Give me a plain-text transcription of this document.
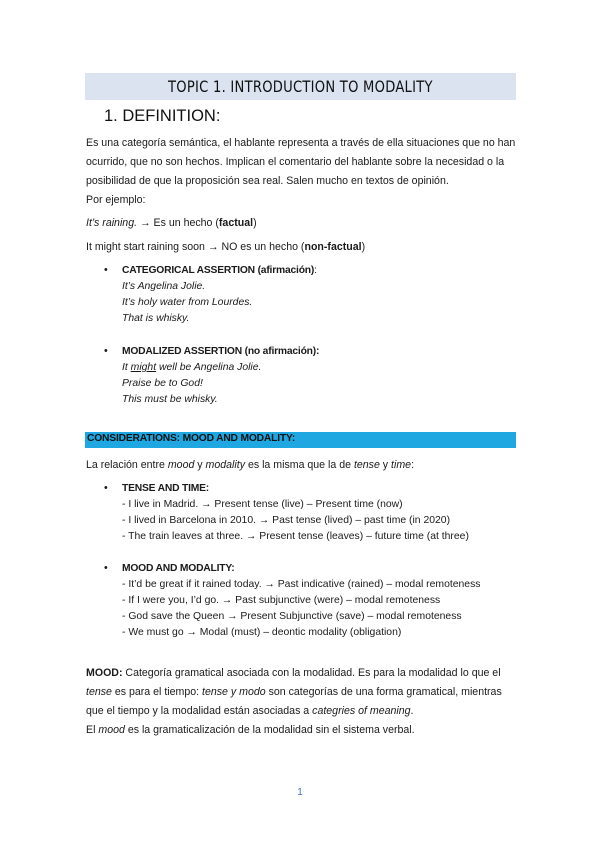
TOPIC 1. INTRODUCTION TO MODALITY
1. DEFINITION:
Es una categoría semántica, el hablante representa a través de ella situaciones que no han ocurrido, que no son hechos. Implican el comentario del hablante sobre la necesidad o la posibilidad de que la proposición sea real. Salen mucho en textos de opinión.
Por ejemplo:
It’s raining. → Es un hecho (factual)
It might start raining soon → NO es un hecho (non-factual)
• CATEGORICAL ASSERTION (afirmación):
It’s Angelina Jolie.
It’s holy water from Lourdes.
That is whisky.
• MODALIZED ASSERTION (no afirmación):
It might well be Angelina Jolie.
Praise be to God!
This must be whisky.
CONSIDERATIONS: MOOD AND MODALITY:
La relación entre mood y modality es la misma que la de tense y time:
• TENSE AND TIME:
- I live in Madrid. → Present tense (live) – Present time (now)
- I lived in Barcelona in 2010. → Past tense (lived) – past time (in 2020)
- The train leaves at three. → Present tense (leaves) – future time (at three)
• MOOD AND MODALITY:
- It’d be great if it rained today. → Past indicative (rained) – modal remoteness
- If I were you, I’d go. → Past subjunctive (were) – modal remoteness
- God save the Queen → Present Subjunctive (save) – modal remoteness
- We must go → Modal (must) – deontic modality (obligation)
MOOD: Categoría gramatical asociada con la modalidad. Es para la modalidad lo que el tense es para el tiempo: tense y modo son categorías de una forma gramatical, mientras que el tiempo y la modalidad están asociadas a categries of meaning.
El mood es la gramaticalización de la modalidad sin el sistema verbal.
1
